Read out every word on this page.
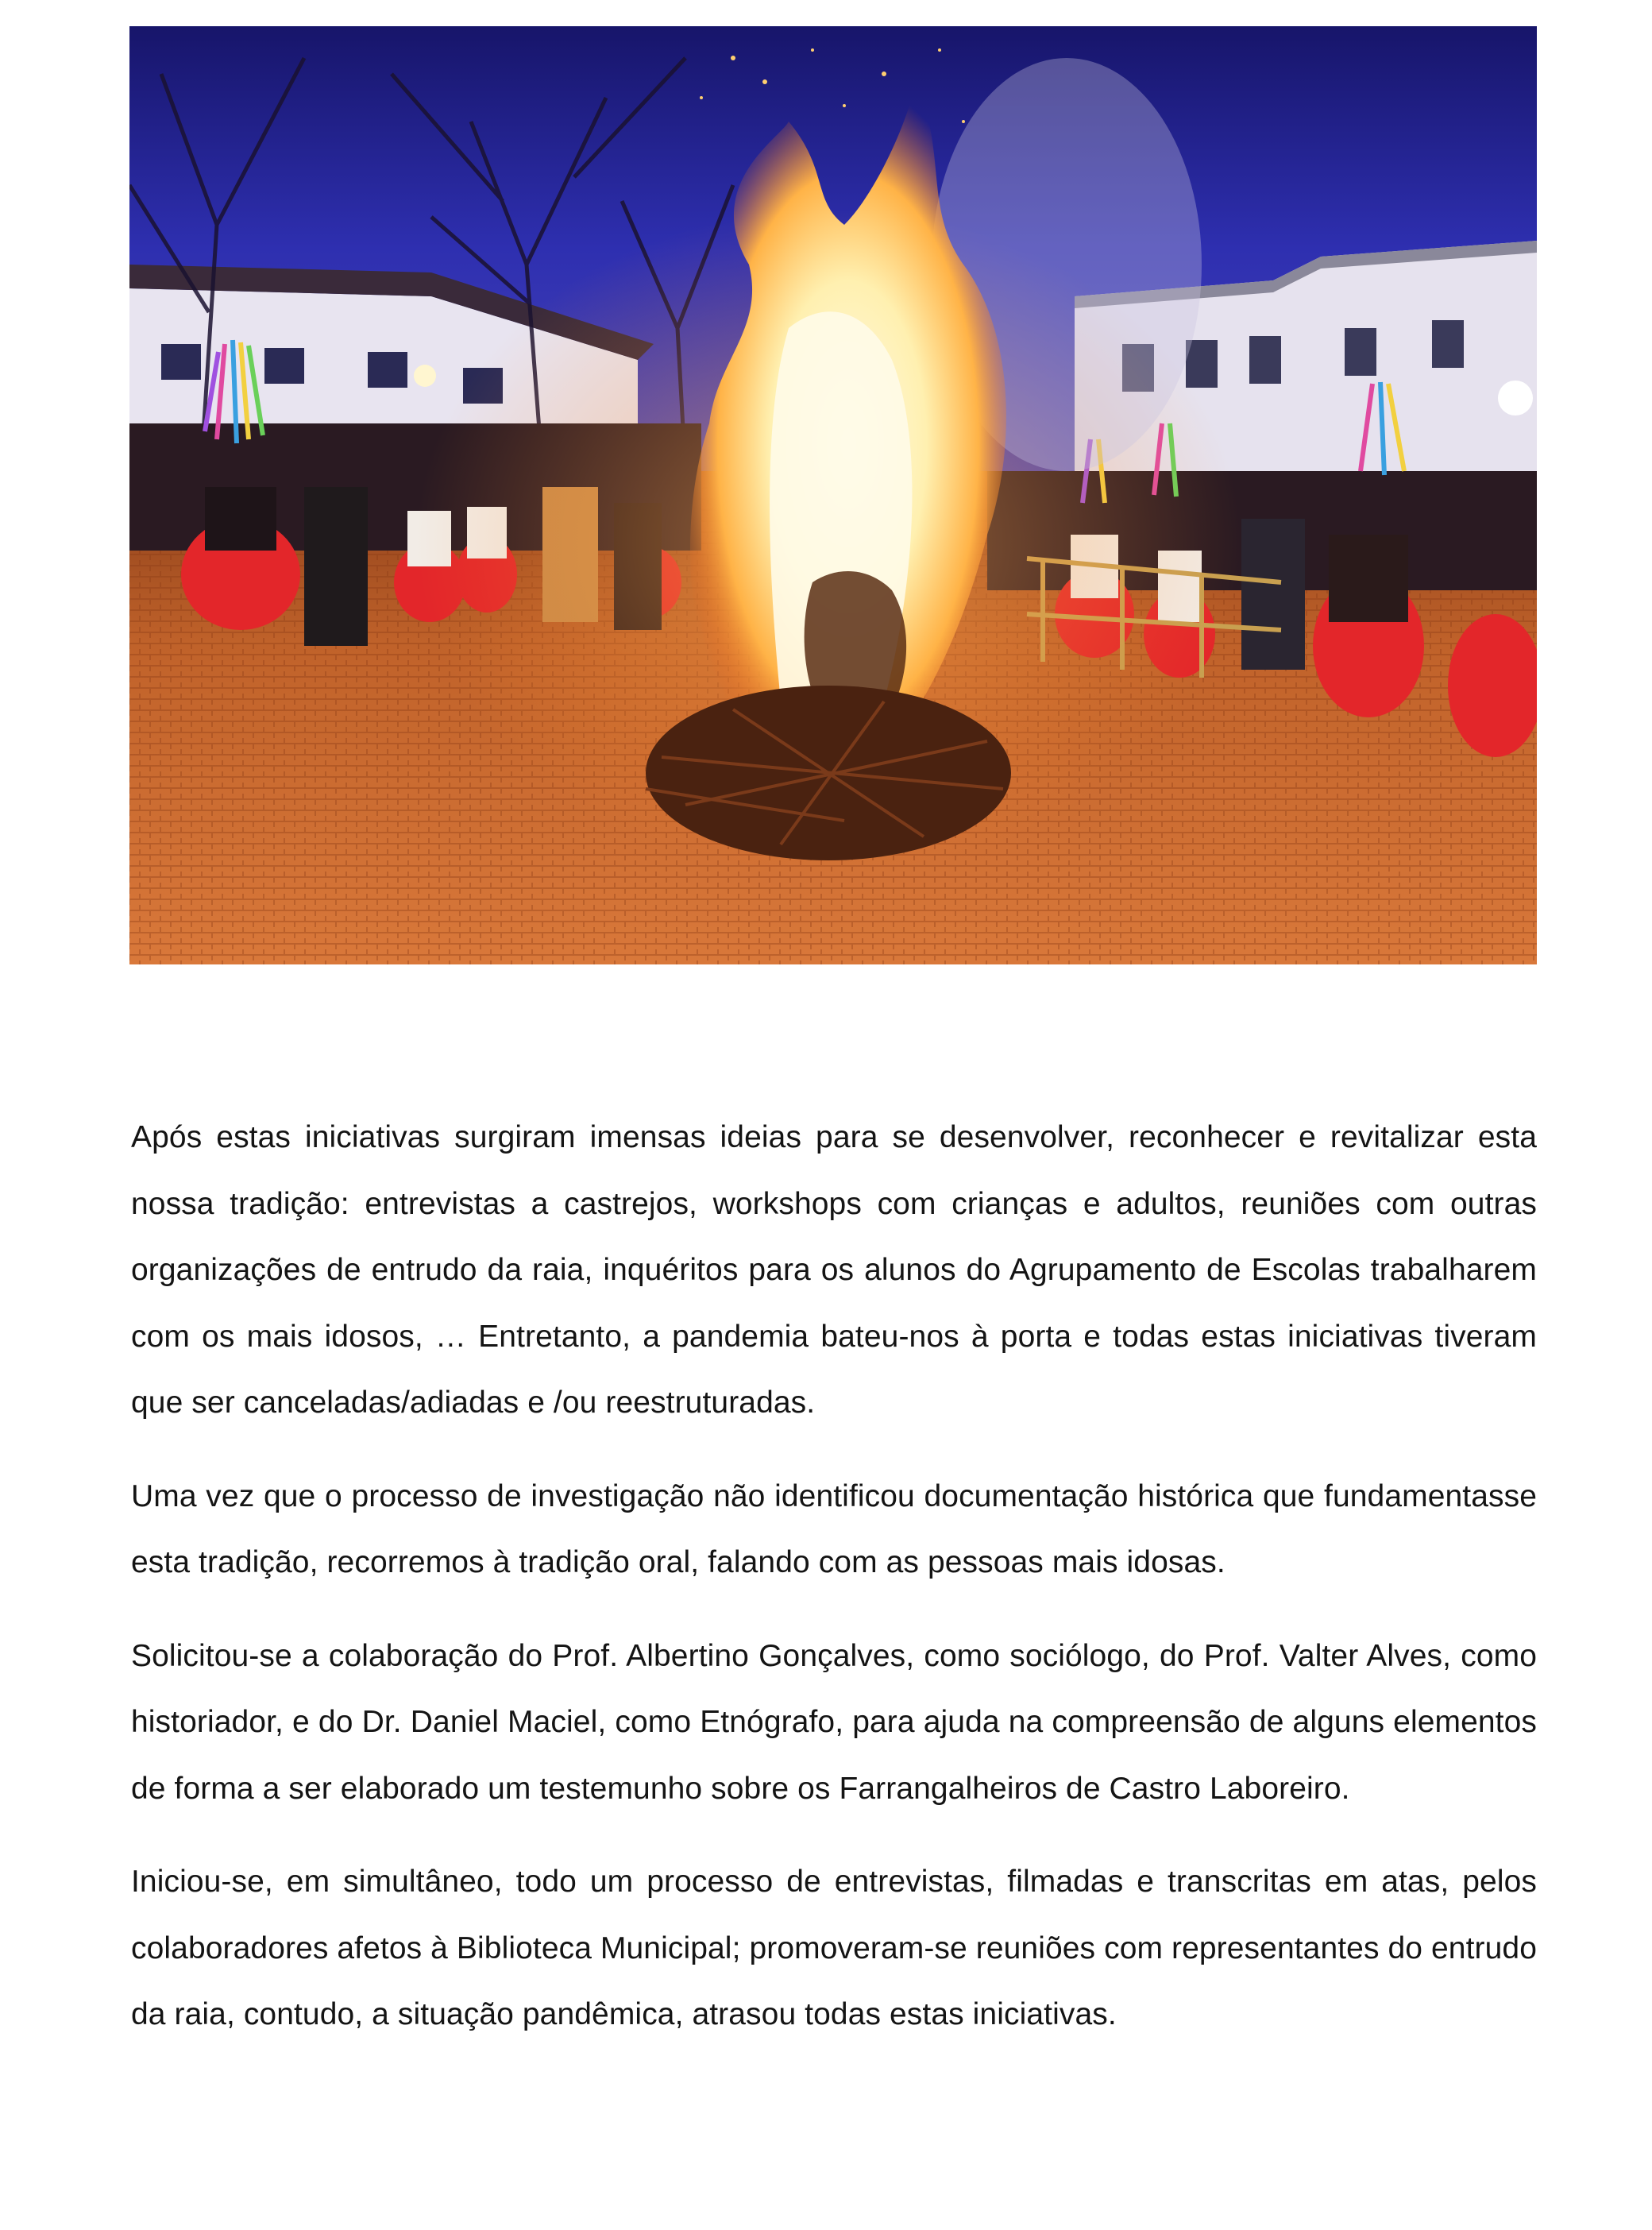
Após estas iniciativas surgiram imensas ideias para se desenvolver, reconhecer e revitalizar esta nossa tradição: entrevistas a castrejos, workshops com crianças e adultos, reuniões com outras organizações de entrudo da raia, inquéritos para os alunos do Agrupamento de Escolas trabalharem com os mais idosos, … Entretanto, a pandemia bateu-nos à porta e todas estas iniciativas tiveram que ser canceladas/adiadas e /ou reestruturadas.

Uma vez que o processo de investigação não identificou documentação histórica que fundamentasse esta tradição, recorremos à tradição oral, falando com as pessoas mais idosas.

Solicitou-se a colaboração do Prof. Albertino Gonçalves, como sociólogo, do Prof. Valter Alves, como historiador, e do Dr. Daniel Maciel, como Etnógrafo, para ajuda na compreensão de alguns elementos de forma a ser elaborado um testemunho sobre os Farrangalheiros de Castro Laboreiro.

Iniciou-se, em simultâneo, todo um processo de entrevistas, filmadas e transcritas em atas, pelos colaboradores afetos à Biblioteca Municipal; promoveram-se reuniões com representantes do entrudo da raia, contudo, a situação pandêmica, atrasou todas estas iniciativas.
